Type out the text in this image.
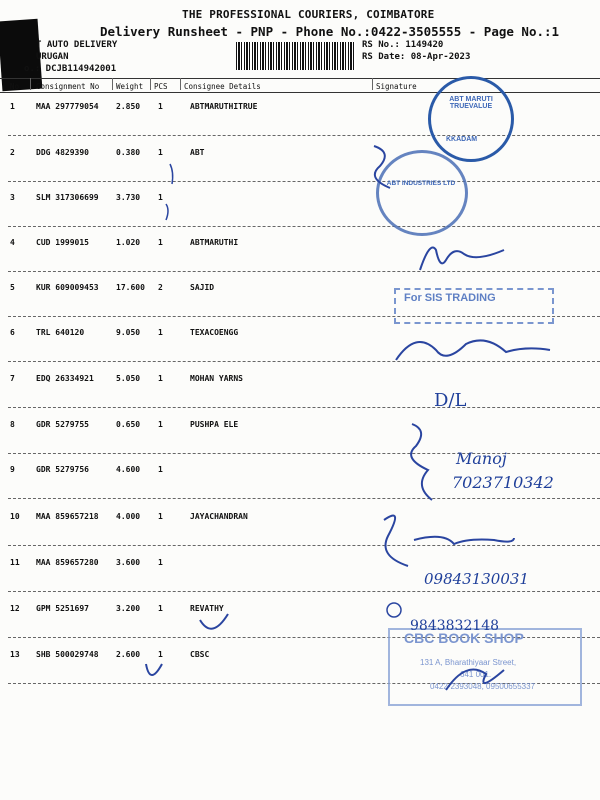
THE PROFESSIONAL COURIERS, COIMBATORE
Delivery Runsheet - PNP - Phone No.:0422-3505555 - Page No.:1
T AUTO DELIVERY
URUGAN
o.: DCJB114942001
RS No.: 1149420
RS Date: 08-Apr-2023
No Consignment No Weight PCS Consignee Details	Signature
1	MAA 297779054 2.850 1	ABTMARUTHITRUE
2	DDG 4829390	0.380 1	ABT
3	SLM 317306699 3.730 1
4	CUD 1999015	1.020 1	ABTMARUTHI
5	KUR 609009453 17.600 2	SAJID
6	TRL 640120	9.050 1	TEXACOENGG
7	EDQ 26334921	5.050 1	MOHAN YARNS
8	GDR 5279755	0.650 1	PUSHPA ELE
9	GDR 5279756	4.600 1
10 MAA 859657218 4.000 1	JAYACHANDRAN
11 MAA 859657280 3.600 1
12 GPM 5251697	3.200 1	REVATHY
13 SHB 500029748 2.600 1	CBSC
ABT MARUTI TRUEVALUE
KKADAM
ABT INDUSTRIES LTD
For SIS TRADING
CBC BOOK SHOP
131 A, Bharathiyaar Street,
641 001.
0422-2393048, 09500655337
D/L
Manoj
7023710342
09843130031
9843832148
